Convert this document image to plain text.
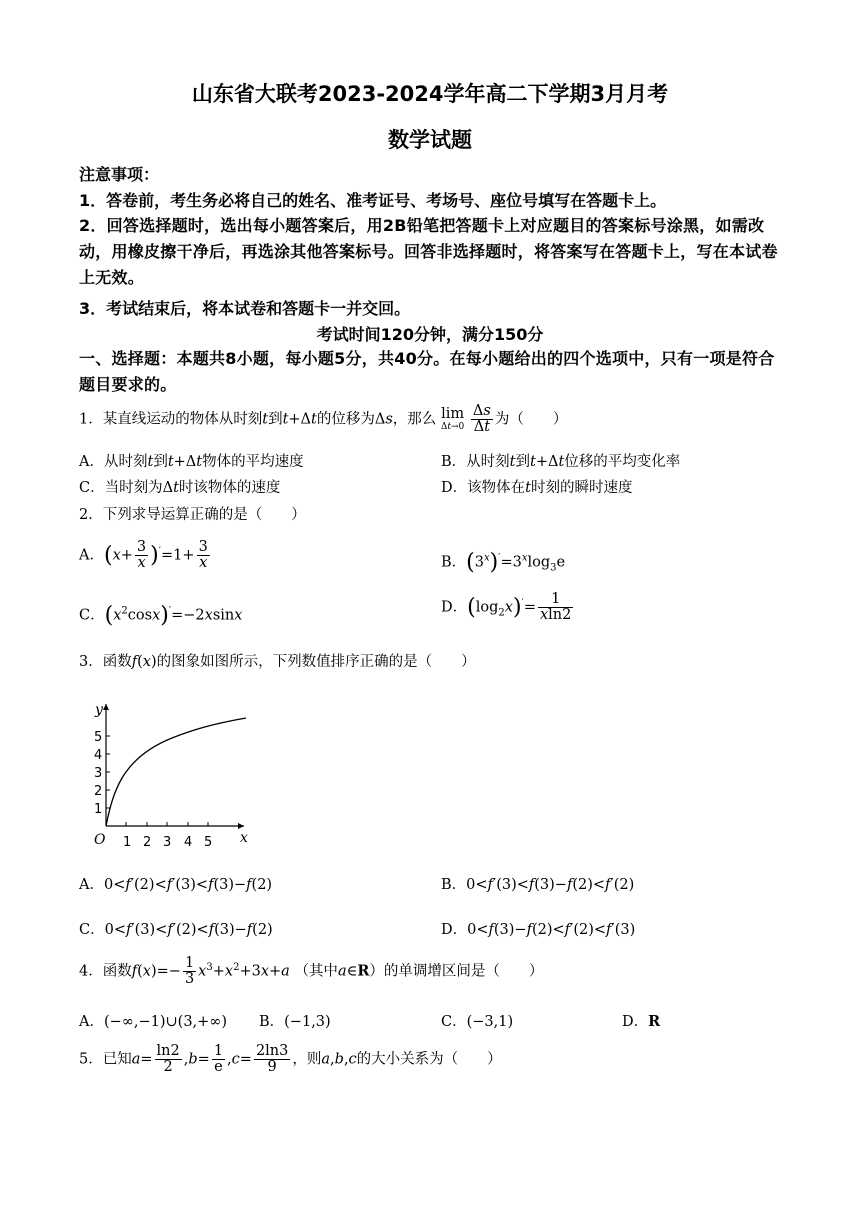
山东省大联考2023-2024学年高二下学期3月月考
数学试题
注意事项：
1．答卷前，考生务必将自己的姓名、准考证号、考场号、座位号填写在答题卡上。
2．回答选择题时，选出每小题答案后，用2B铅笔把答题卡上对应题目的答案标号涂黑，如需改动，用橡皮擦干净后，再选涂其他答案标号。回答非选择题时，将答案写在答题卡上，写在本试卷上无效。
3．考试结束后，将本试卷和答题卡一并交回。
考试时间120分钟，满分150分
一、选择题：本题共8小题，每小题5分，共40分。在每小题给出的四个选项中，只有一项是符合题目要求的。
1．某直线运动的物体从时刻t到t+Δt的位移为Δs，那么 lim
Δt→0
$\frac{\Delta s}{\Delta t}$ 为（　　）
A．从时刻t到t+Δt物体的平均速度	B．从时刻t到t+Δt位移的平均变化率
C．当时刻为Δt时该物体的速度	D．该物体在t时刻的瞬时速度
2．下列求导运算正确的是（　　）
A．$(x+ \frac{3}{x} )'=1+ \frac{3}{x}$	B．$(3^x)'=3^x\log_3e$
C．$(x^2\cos x)'=-2xsinx$	D．$(\log_2x)'= \frac{1}{xln2}$
3．函数f(x)的图象如图所示，下列数值排序正确的是（　　）
y
x
O 1 2 3 4 5
1
2
3
4
5
A．0<f′(2)<f′(3)<f(3)−f(2)	B．0<f′(3)<f(3)−f(2)<f′(2)
C．0<f′(3)<f′(2)<f(3)−f(2)	D．0<f(3)−f(2)<f′(2)<f′(3)
4．函数$f(x)=- \frac{1}{3} x^3+x^2+3x+a$ （其中a∈R）的单调增区间是（　　）
A．(−∞,−1)∪(3,+∞) B．(−1,3)	C．(−3,1)	D．R
5．已知$a= \frac{\ln 2}{2} ,b= \frac{1}{e} ,c= \frac{2\ln 3}{9}$ ，则a,b,c的大小关系为（　　）
